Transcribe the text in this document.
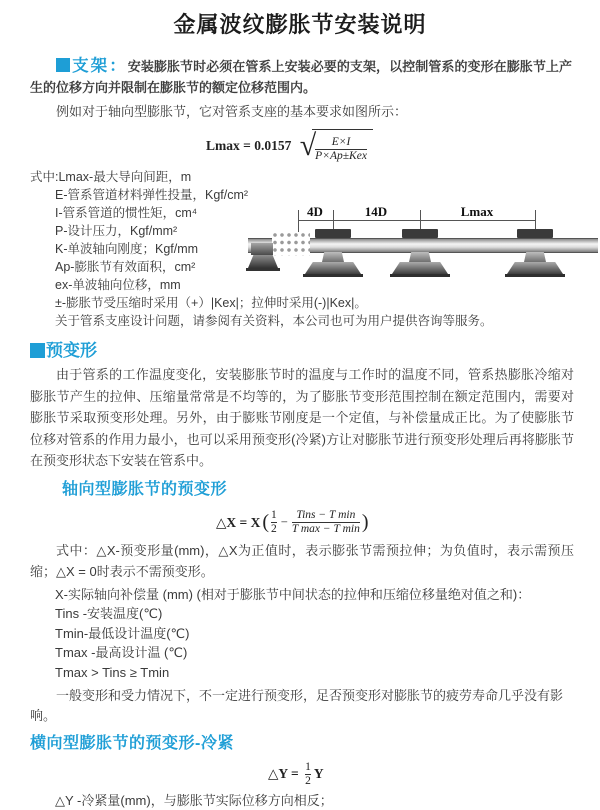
金属波纹膨胀节安装说明

支架：安装膨胀节时必须在管系上安装必要的支架，以控制管系的变形在膨胀节上产生的位移方向并限制在膨胀节的额定位移范围内。

例如对于轴向型膨胀节，它对管系支座的基本要求如图所示：

Lmax = 0.0157 √ $\frac{E\times I}{\text{P×Ap±Kex}}$
式中:Lmax-最大导向间距，m
E-管系管道材料弹性投量，Kgf/cm²
I-管系管道的惯性矩，cm⁴
P-设计压力，Kgf/mm²
K-单波轴向刚度；Kgf/mm
Ap-膨胀节有效面积，cm²
ex-单波轴向位移，mm
±-膨胀节受压缩时采用（+）|Kex|；拉伸时采用(-)|Kex|。
关于管系支座设计问题，请参阅有关资料，本公司也可为用户提供咨询等服务。
4D	14D	Lmax
预变形

由于管系的工作温度变化，安装膨胀节时的温度与工作时的温度不同，管系热膨胀冷缩对膨胀节产生的拉伸、压缩量常常是不均等的，为了膨胀节变形范围控制在额定范围内，需要对膨胀节采取预变形处理。另外，由于膨账节刚度是一个定值，与补偿量成正比。为了使膨胀节位移对管系的作用力最小，也可以采用预变形(冷紧)方让对膨胀节进行预变形处理后再将膨胀节在预变形状态下安装在管系中。

轴向型膨胀节的预变形
△X = X ( $\frac{1}{2} - \frac{\text{Tins − T min}}{\text{T max − T min}}$ )

式中：△X-预变形量(mm)，△X为正值时，表示膨张节需预拉伸；为负值时，表示需预压缩；△X = 0时表示不需预变形。

X-实际轴向补偿量 (mm) (相对于膨胀节中间状态的拉伸和压缩位移量绝对值之和)：
Tins -安装温度(℃)
Tmin-最低设计温度(℃)
Tmax -最高设计温 (℃)
Tmax > Tins ≥ Tmin

一般变形和受力情况下，不一定进行预变形，足否预变形对膨胀节的疲劳寿命几乎没有影响。

横向型膨胀节的预变形-冷紧
△Y = $\frac{1}{2}$ Y

△Y -冷紧量(mm)，与膨胀节实际位移方向相反；
